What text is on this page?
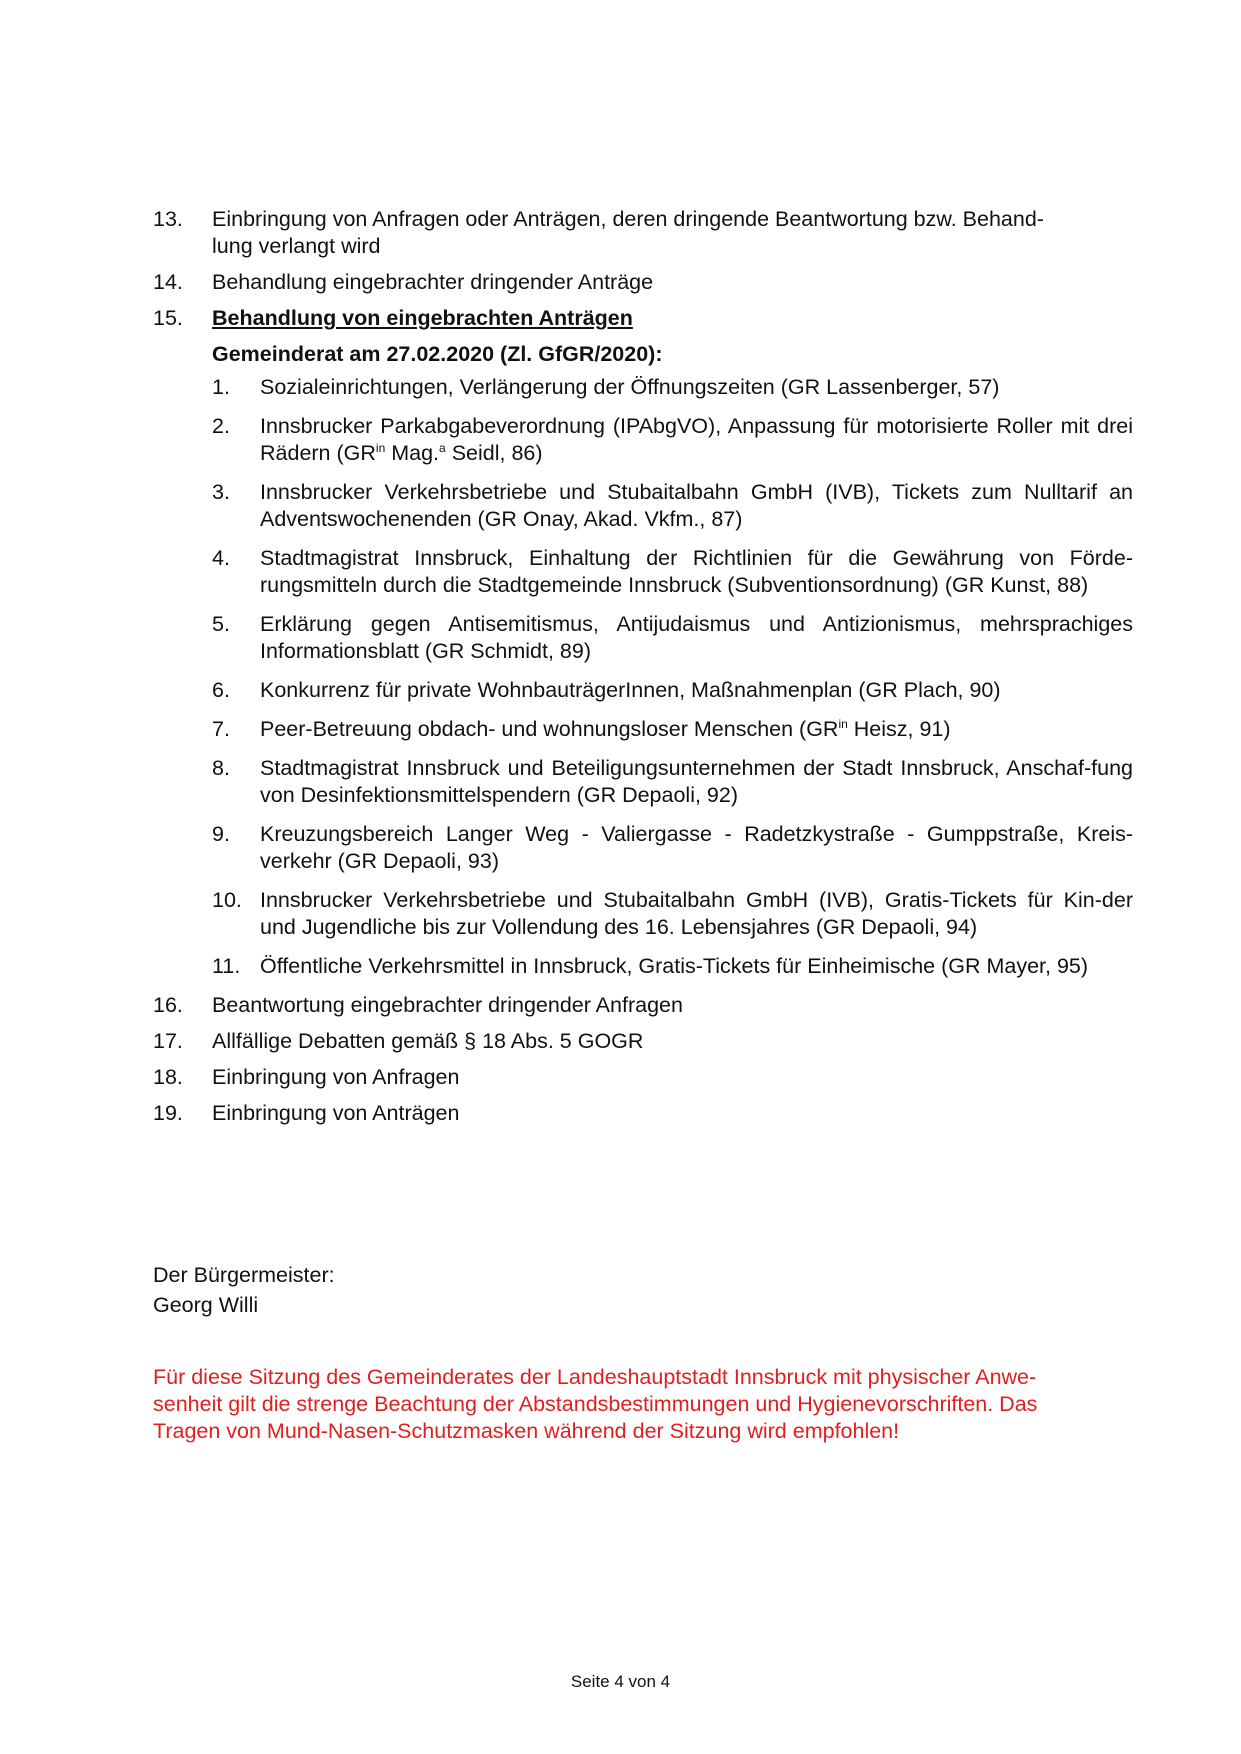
13.	Einbringung von Anfragen oder Anträgen, deren dringende Beantwortung bzw. Behand-
lung verlangt wird
14.	Behandlung eingebrachter dringender Anträge
15.	Behandlung von eingebrachten Anträgen
Gemeinderat am 27.02.2020 (Zl. GfGR/2020):
1.	Sozialeinrichtungen, Verlängerung der Öffnungszeiten (GR Lassenberger, 57)
2.	Innsbrucker Parkabgabeverordnung (IPAbgVO), Anpassung für motorisierte Roller mit drei Rädern ($GR^{in}$ Mag.$^a$ Seidl, 86)
3.	Innsbrucker Verkehrsbetriebe und Stubaitalbahn GmbH (IVB), Tickets zum Nulltarif an Adventswochenenden (GR Onay, Akad. Vkfm., 87)
4.	Stadtmagistrat Innsbruck, Einhaltung der Richtlinien für die Gewährung von Förde-rungsmitteln durch die Stadtgemeinde Innsbruck (Subventionsordnung) (GR Kunst, 88)
5.	Erklärung gegen Antisemitismus, Antijudaismus und Antizionismus, mehrsprachiges Informationsblatt (GR Schmidt, 89)
6.	Konkurrenz für private WohnbauträgerInnen, Maßnahmenplan (GR Plach, 90)
7.	Peer-Betreuung obdach- und wohnungsloser Menschen ($GR^{in}$ Heisz, 91)
8.	Stadtmagistrat Innsbruck und Beteiligungsunternehmen der Stadt Innsbruck, Anschaf-fung von Desinfektionsmittelspendern (GR Depaoli, 92)
9.	Kreuzungsbereich Langer Weg - Valiergasse - Radetzkystraße - Gumppstraße, Kreis-verkehr (GR Depaoli, 93)
10. Innsbrucker Verkehrsbetriebe und Stubaitalbahn GmbH (IVB), Gratis-Tickets für Kin-der und Jugendliche bis zur Vollendung des 16. Lebensjahres (GR Depaoli, 94)
11. Öffentliche Verkehrsmittel in Innsbruck, Gratis-Tickets für Einheimische (GR Mayer, 95)
16.	Beantwortung eingebrachter dringender Anfragen
17.	Allfällige Debatten gemäß § 18 Abs. 5 GOGR
18.	Einbringung von Anfragen
19.	Einbringung von Anträgen
Der Bürgermeister:
Georg Willi
Für diese Sitzung des Gemeinderates der Landeshauptstadt Innsbruck mit physischer Anwe-senheit gilt die strenge Beachtung der Abstandsbestimmungen und Hygienevorschriften. Das Tragen von Mund-Nasen-Schutzmasken während der Sitzung wird empfohlen!
Seite 4 von 4
